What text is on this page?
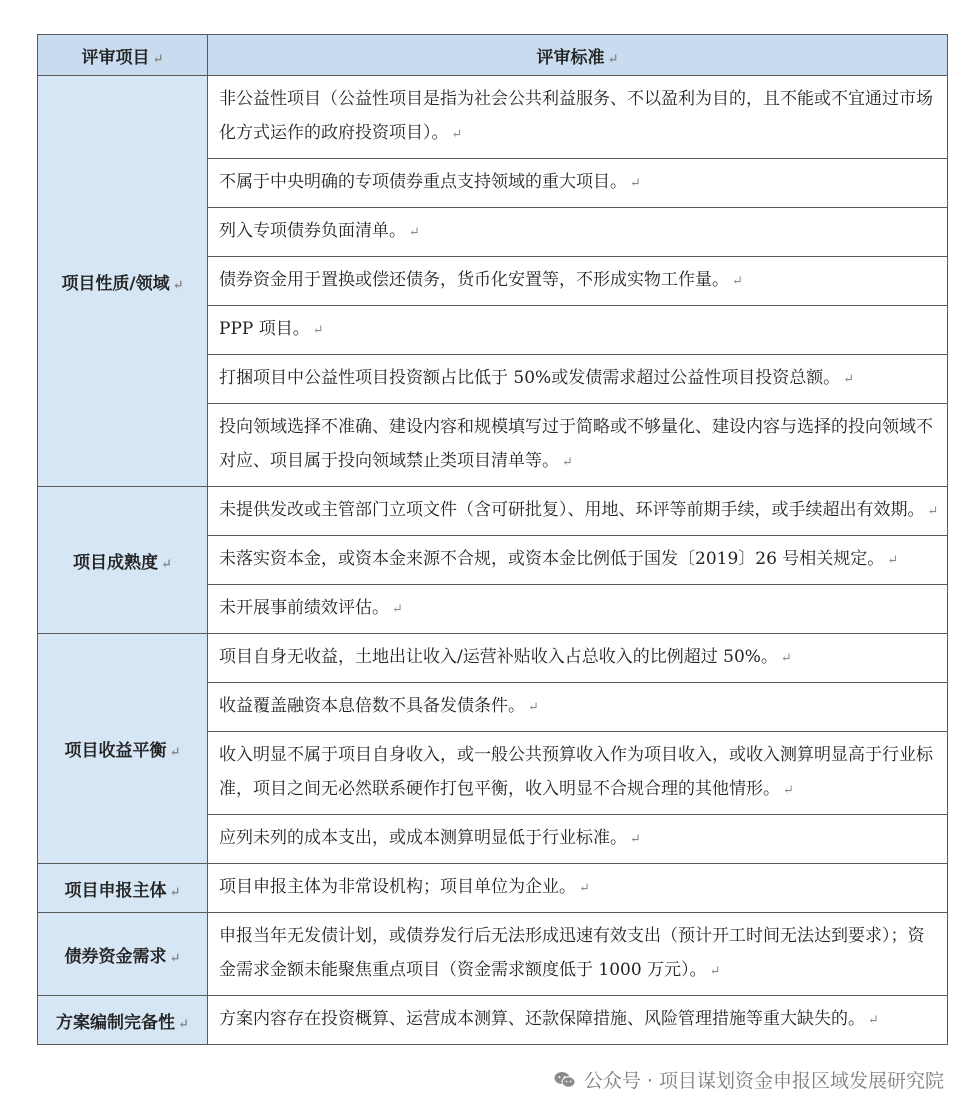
评审项目 ↵	评审标准 ↵
项目性质/领域 ↵	非公益性项目（公益性项目是指为社会公共利益服务、不以盈利为目的，且不能或不宜通过市场化方式运作的政府投资项目）。 ↵
	不属于中央明确的专项债券重点支持领域的重大项目。 ↵
	列入专项债券负面清单。 ↵
	债券资金用于置换或偿还债务，货币化安置等，不形成实物工作量。 ↵
	PPP 项目。 ↵
	打捆项目中公益性项目投资额占比低于 50%或发债需求超过公益性项目投资总额。 ↵
	投向领域选择不准确、建设内容和规模填写过于简略或不够量化、建设内容与选择的投向领域不对应、项目属于投向领域禁止类项目清单等。 ↵
项目成熟度 ↵	未提供发改或主管部门立项文件（含可研批复）、用地、环评等前期手续，或手续超出有效期。 ↵
	未落实资本金，或资本金来源不合规，或资本金比例低于国发〔2019〕26 号相关规定。 ↵
	未开展事前绩效评估。 ↵
项目收益平衡 ↵	项目自身无收益，土地出让收入/运营补贴收入占总收入的比例超过 50%。 ↵
	收益覆盖融资本息倍数不具备发债条件。 ↵
	收入明显不属于项目自身收入，或一般公共预算收入作为项目收入，或收入测算明显高于行业标准，项目之间无必然联系硬作打包平衡，收入明显不合规合理的其他情形。 ↵
	应列未列的成本支出，或成本测算明显低于行业标准。 ↵
项目申报主体 ↵	项目申报主体为非常设机构；项目单位为企业。 ↵
债券资金需求 ↵	申报当年无发债计划，或债券发行后无法形成迅速有效支出（预计开工时间无法达到要求）；资金需求金额未能聚焦重点项目（资金需求额度低于 1000 万元）。 ↵
方案编制完备性 ↵	方案内容存在投资概算、运营成本测算、还款保障措施、风险管理措施等重大缺失的。 ↵
公众号 · 项目谋划资金申报区域发展研究院
